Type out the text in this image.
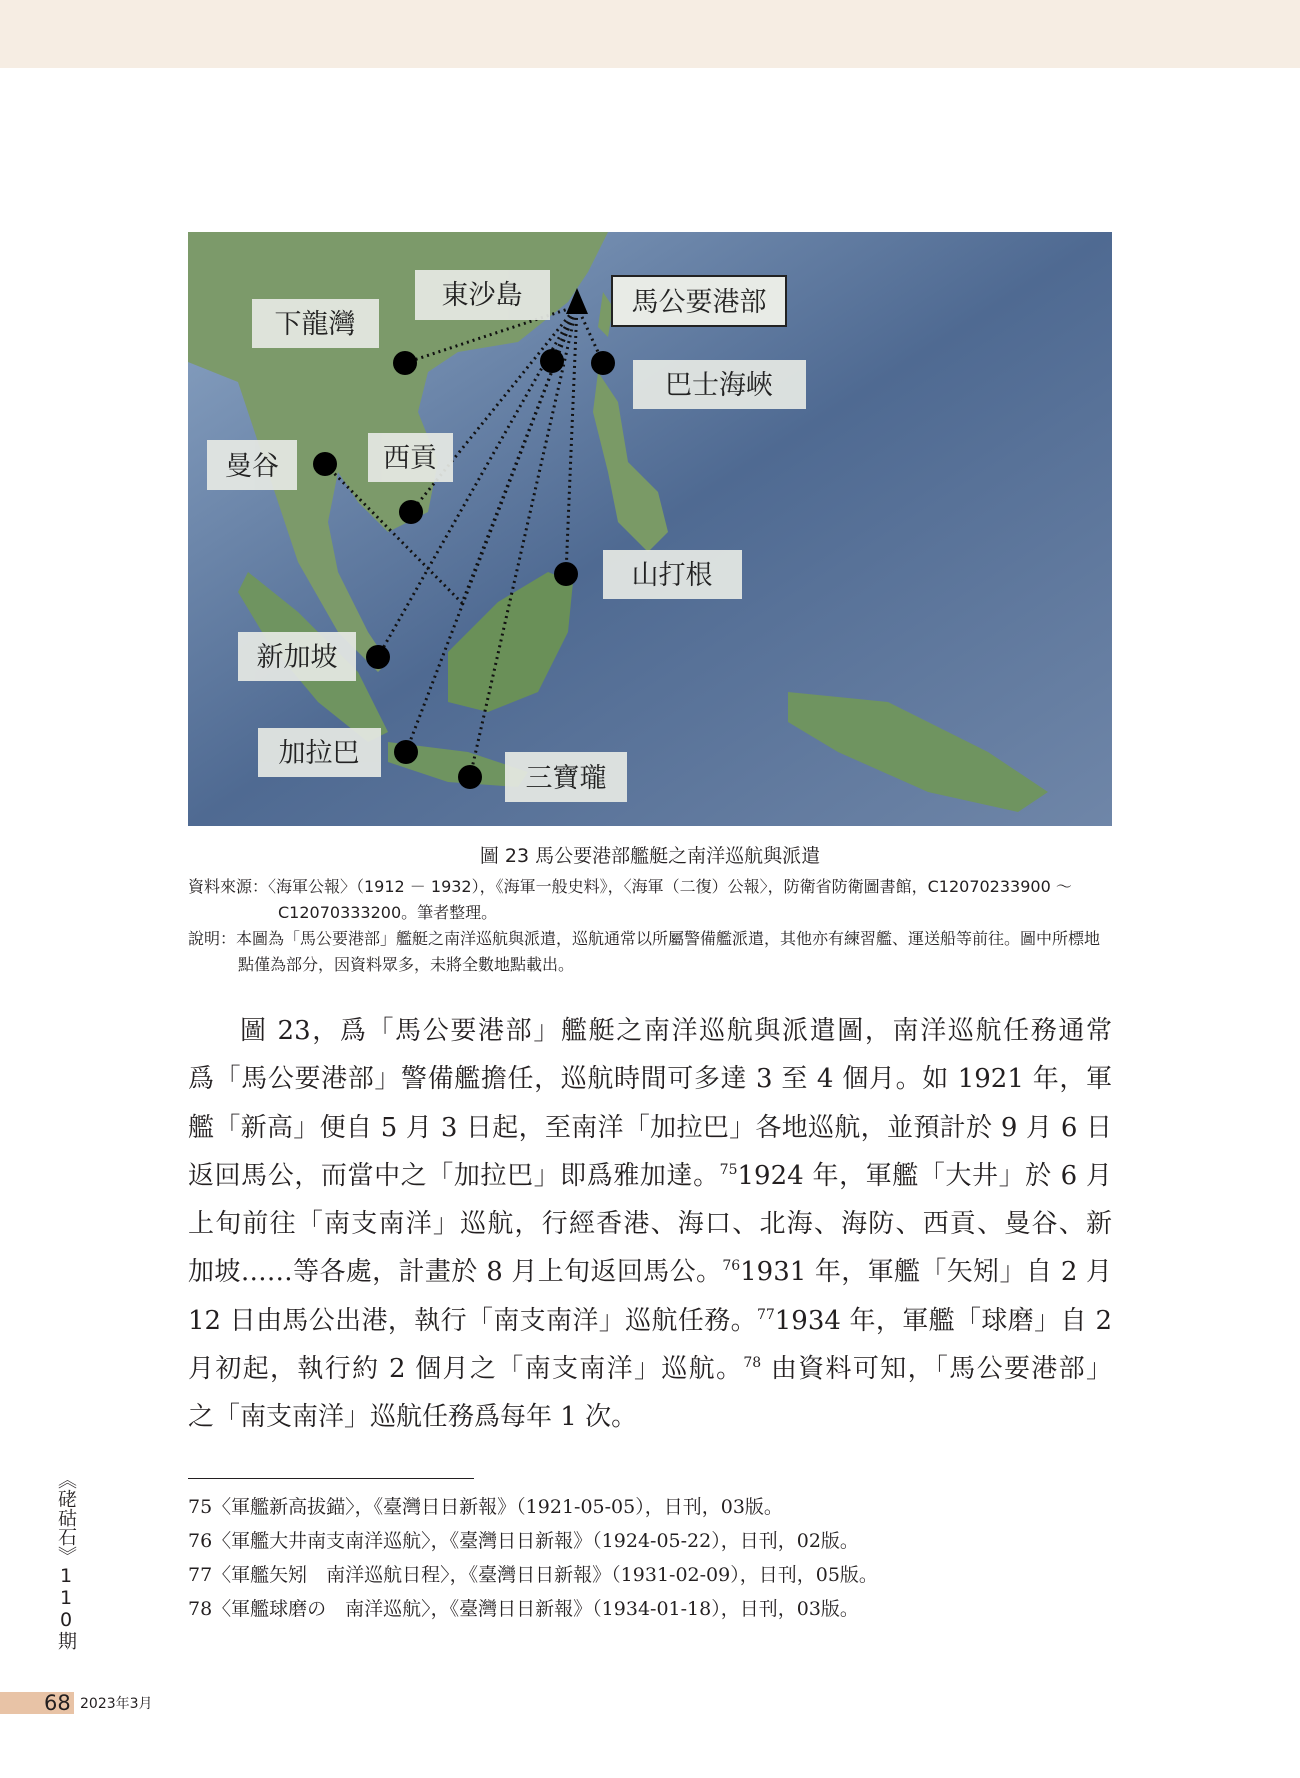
馬公要港部
下龍灣
東沙島
巴士海峽
曼谷	西貢
山打根
新加坡
加拉巴
三寶瓏
圖 23 馬公要港部艦艇之南洋巡航與派遣
資料來源：〈海軍公報〉（1912 － 1932），《海軍一般史料》，〈海軍（二復）公報〉，防衛省防衛圖書館，C12070233900 ～ C12070333200。筆者整理。
說明：本圖為「馬公要港部」艦艇之南洋巡航與派遣，巡航通常以所屬警備艦派遣，其他亦有練習艦、運送船等前往。圖中所標地點僅為部分，因資料眾多，未將全數地點載出。
圖 23，爲「馬公要港部」艦艇之南洋巡航與派遣圖，南洋巡航任務通常
爲「馬公要港部」警備艦擔任，巡航時間可多達 3 至 4 個月。如 1921 年，軍
艦「新高」便自 5 月 3 日起，至南洋「加拉巴」各地巡航，並預計於 9 月 6 日
返回馬公，而當中之「加拉巴」即爲雅加達。$^{75}$1924 年，軍艦「大井」於 6 月
上旬前往「南支南洋」巡航，行經香港、海口、北海、海防、西貢、曼谷、新
加坡……等各處，計畫於 8 月上旬返回馬公。$^{76}$1931 年，軍艦「矢矧」自 2 月
12 日由馬公出港，執行「南支南洋」巡航任務。$^{77}$1934 年，軍艦「球磨」自 2
月初起，執行約 2 個月之「南支南洋」巡航。$^{78}$ 由資料可知，「馬公要港部」
之「南支南洋」巡航任務爲每年 1 次。
75〈軍艦新高拔錨〉，《臺灣日日新報》（1921-05-05），日刊，03版。
76〈軍艦大井南支南洋巡航〉，《臺灣日日新報》（1924-05-22），日刊，02版。
77〈軍艦矢矧　南洋巡航日程〉，《臺灣日日新報》（1931-02-09），日刊，05版。
78〈軍艦球磨の　南洋巡航〉，《臺灣日日新報》（1934-01-18），日刊，03版。
《硓𥑮石》110期
68 2023年3月
